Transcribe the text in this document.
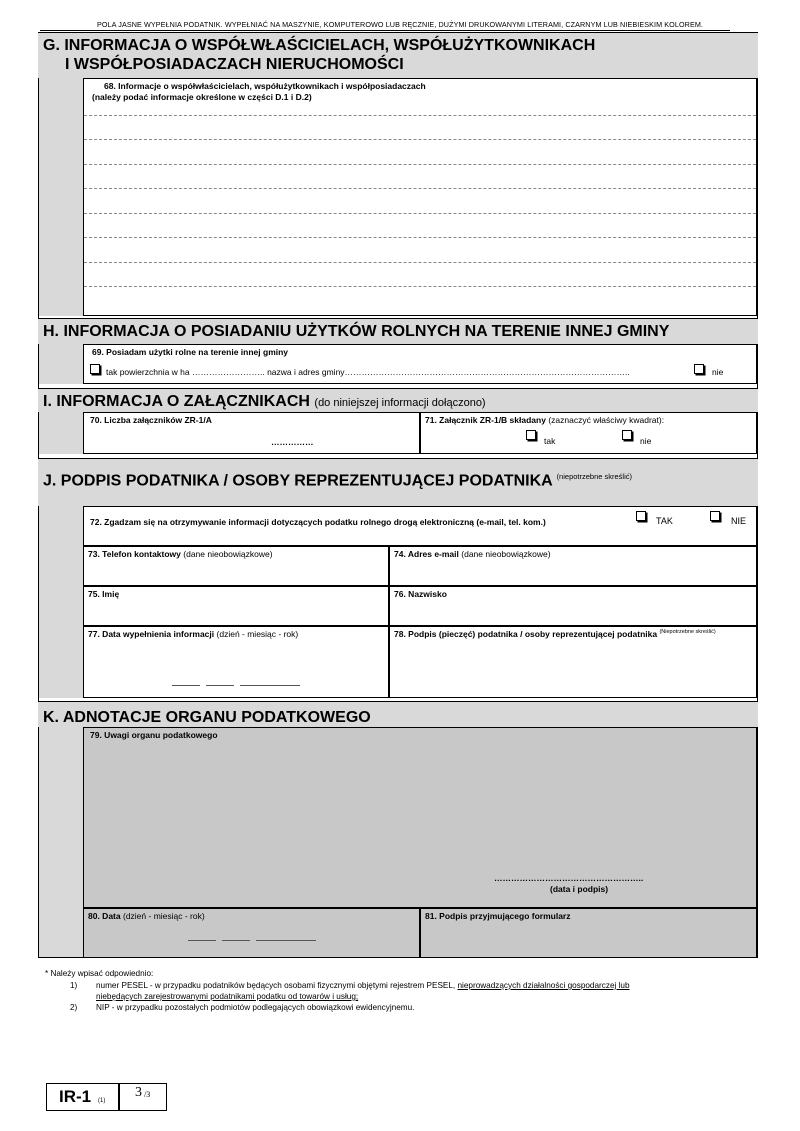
POLA JASNE WYPEŁNIA PODATNIK. WYPEŁNIAĆ NA MASZYNIE, KOMPUTEROWO LUB RĘCZNIE, DUŻYMI DRUKOWANYMI LITERAMI, CZARNYM LUB NIEBIESKIM KOLOREM.
G. INFORMACJA O WSPÓŁWŁAŚCICIELACH, WSPÓŁUŻYTKOWNIKACH
I WSPÓŁPOSIADACZACH NIERUCHOMOŚCI
68. Informacje o współwłaścicielach, współużytkownikach i współposiadaczach
(należy podać informacje określone w części D.1 i D.2)
H. INFORMACJA O POSIADANIU UŻYTKÓW ROLNYCH NA TERENIE INNEJ GMINY
69. Posiadam użytki rolne na terenie innej gminy
tak powierzchnia w ha …………………….. nazwa i adres gminy………………………………………………………………………………………..	nie
I. INFORMACJA O ZAŁĄCZNIKACH (do niniejszej informacji dołączono)
70. Liczba załączników ZR-1/A
……………
71. Załącznik ZR-1/B składany (zaznaczyć właściwy kwadrat):
tak	nie
J. PODPIS PODATNIKA / OSOBY REPREZENTUJĄCEJ PODATNIKA $^{(niepotrzebne skreślić)}$
72. Zgadzam się na otrzymywanie informacji dotyczących podatku rolnego drogą elektroniczną (e-mail, tel. kom.)	TAK	NIE
73. Telefon kontaktowy (dane nieobowiązkowe)	74. Adres e-mail (dane nieobowiązkowe)
75. Imię	76. Nazwisko
77. Data wypełnienia informacji (dzień - miesiąc - rok)	78. Podpis (pieczęć) podatnika / osoby reprezentującej podatnika $^{(Niepotrzebne skreślić)}$
K. ADNOTACJE ORGANU PODATKOWEGO
79. Uwagi organu podatkowego
……………………………………………..
(data i podpis)
80. Data (dzień - miesiąc - rok)	81. Podpis przyjmującego formularz
* Należy wpisać odpowiednio:
1) numer PESEL - w przypadku podatników będących osobami fizycznymi objętymi rejestrem PESEL, nieprowadzących działalności gospodarczej lub
niebędących zarejestrowanymi podatnikami podatku od towarów i usług;
2) NIP - w przypadku pozostałych podmiotów podlegających obowiązkowi ewidencyjnemu.
IR-1 (1)
3 /3
